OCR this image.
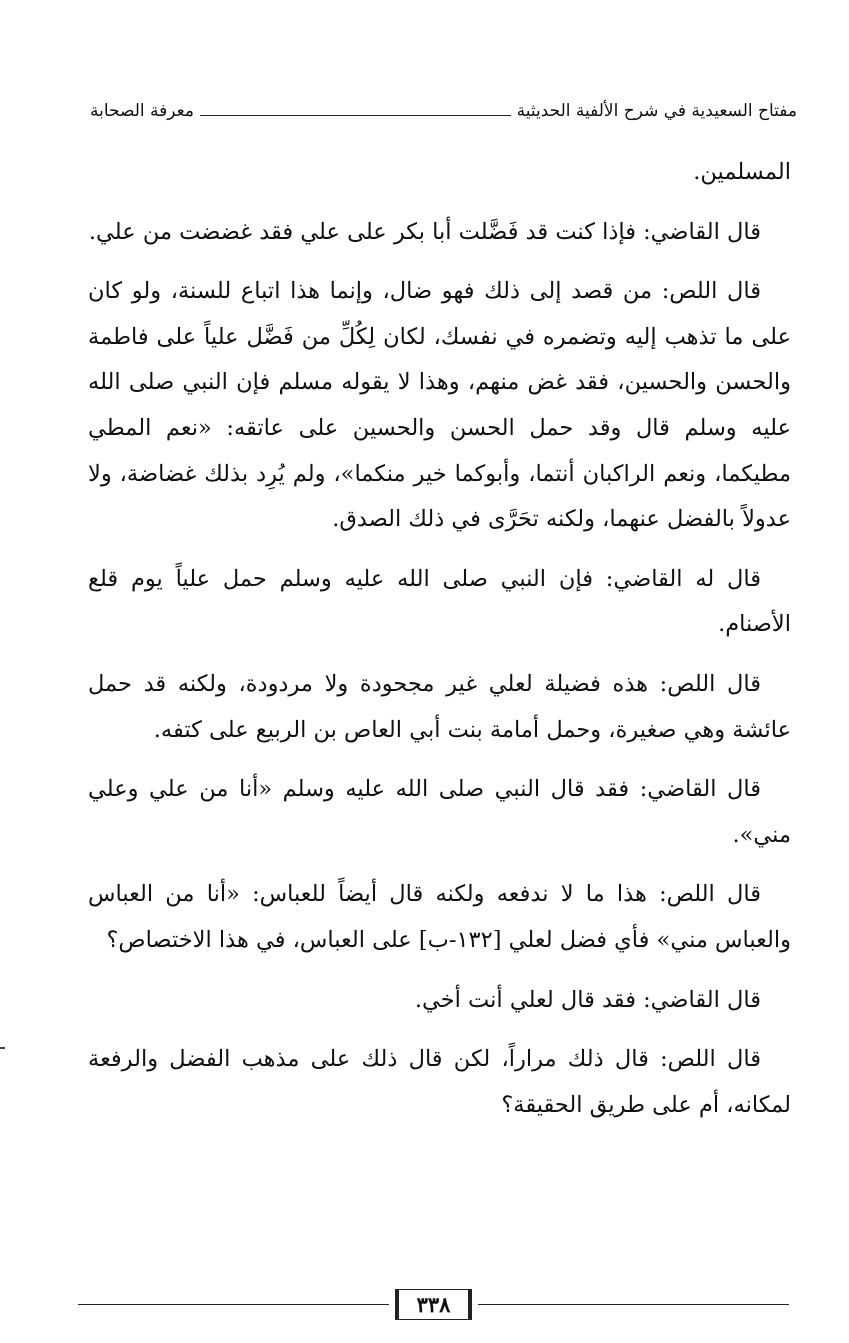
مفتاح السعيدية في شرح الألفية الحديثية
معرفة الصحابة

المسلمين.

قال القاضي: فإذا كنت قد فَضَّلت أبا بكر على علي فقد غضضت من علي.

قال اللص: من قصد إلى ذلك فهو ضال، وإنما هذا اتباع للسنة، ولو كان على ما تذهب إليه وتضمره في نفسك، لكان لِكُلِّ من فَضَّل علياً على فاطمة والحسن والحسين، فقد غض منهم، وهذا لا يقوله مسلم فإن النبي صلى الله عليه وسلم قال وقد حمل الحسن والحسين على عاتقه: «نعم المطي مطيكما، ونعم الراكبان أنتما، وأبوكما خير منكما»، ولم يُرِد بذلك غضاضة، ولا عدولاً بالفضل عنهما، ولكنه تحَرَّى في ذلك الصدق.

قال له القاضي: فإن النبي صلى الله عليه وسلم حمل علياً يوم قلع الأصنام.

قال اللص: هذه فضيلة لعلي غير مجحودة ولا مردودة، ولكنه قد حمل عائشة وهي صغيرة، وحمل أمامة بنت أبي العاص بن الربيع على كتفه.

قال القاضي: فقد قال النبي صلى الله عليه وسلم «أنا من علي وعلي مني».

قال اللص: هذا ما لا ندفعه ولكنه قال أيضاً للعباس: «أنا من العباس والعباس مني» فأي فضل لعلي [١٣٢-ب] على العباس، في هذا الاختصاص؟

قال القاضي: فقد قال لعلي أنت أخي.

قال اللص: قال ذلك مراراً، لكن قال ذلك على مذهب الفضل والرفعة لمكانه، أم على طريق الحقيقة؟

٣٣٨
